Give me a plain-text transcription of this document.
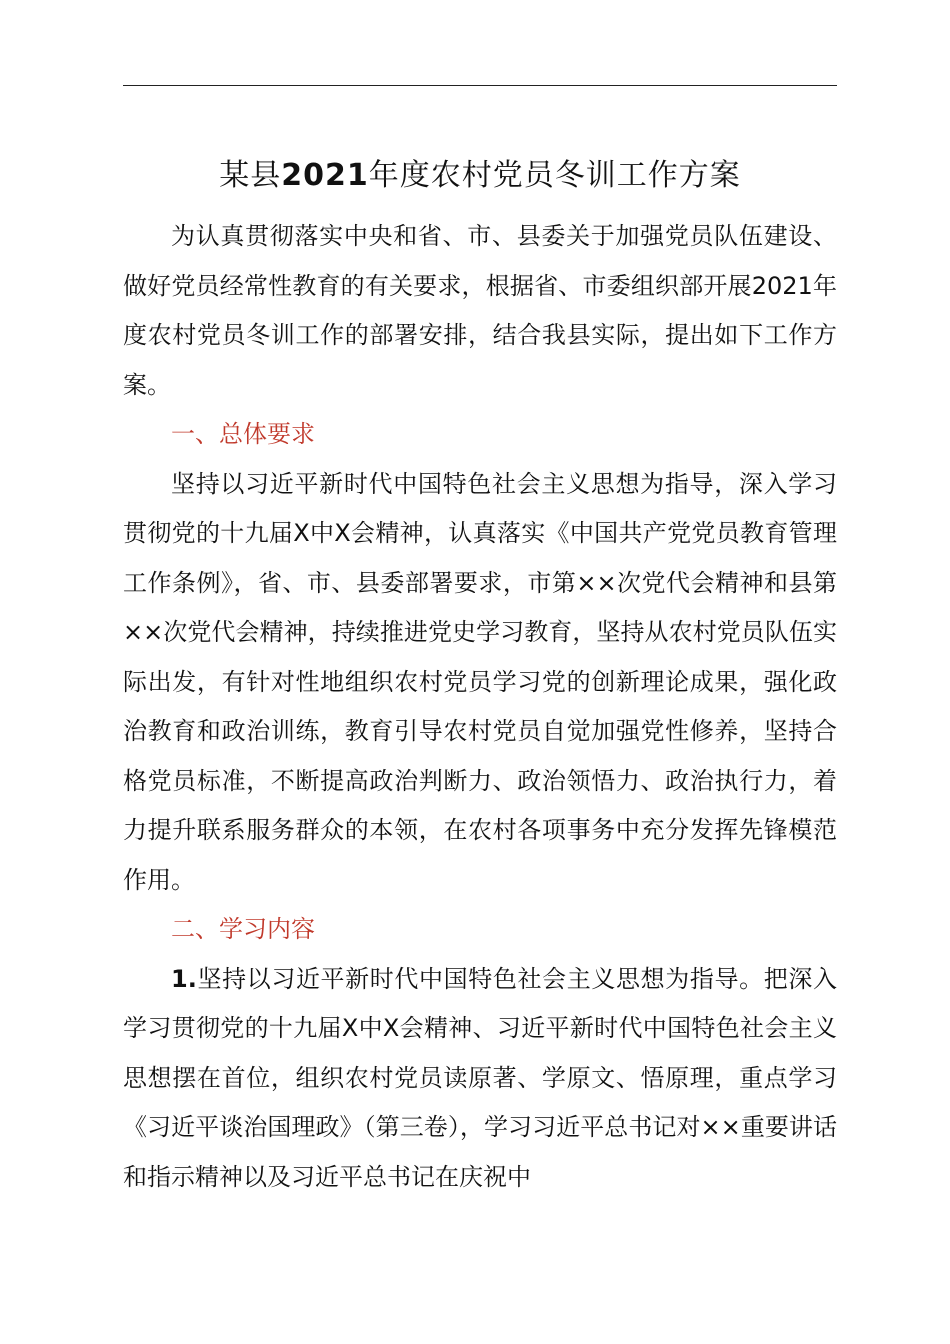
某县2021年度农村党员冬训工作方案

为认真贯彻落实中央和省、市、县委关于加强党员队伍建设、做好党员经常性教育的有关要求，根据省、市委组织部开展2021年度农村党员冬训工作的部署安排，结合我县实际，提出如下工作方案。

一、总体要求

坚持以习近平新时代中国特色社会主义思想为指导，深入学习贯彻党的十九届X中X会精神，认真落实《中国共产党党员教育管理工作条例》，省、市、县委部署要求，市第××次党代会精神和县第××次党代会精神，持续推进党史学习教育，坚持从农村党员队伍实际出发，有针对性地组织农村党员学习党的创新理论成果，强化政治教育和政治训练，教育引导农村党员自觉加强党性修养，坚持合格党员标准，不断提高政治判断力、政治领悟力、政治执行力，着力提升联系服务群众的本领，在农村各项事务中充分发挥先锋模范作用。

二、学习内容

1.坚持以习近平新时代中国特色社会主义思想为指导。把深入学习贯彻党的十九届X中X会精神、习近平新时代中国特色社会主义思想摆在首位，组织农村党员读原著、学原文、悟原理，重点学习《习近平谈治国理政》（第三卷），学习习近平总书记对××重要讲话和指示精神以及习近平总书记在庆祝中
